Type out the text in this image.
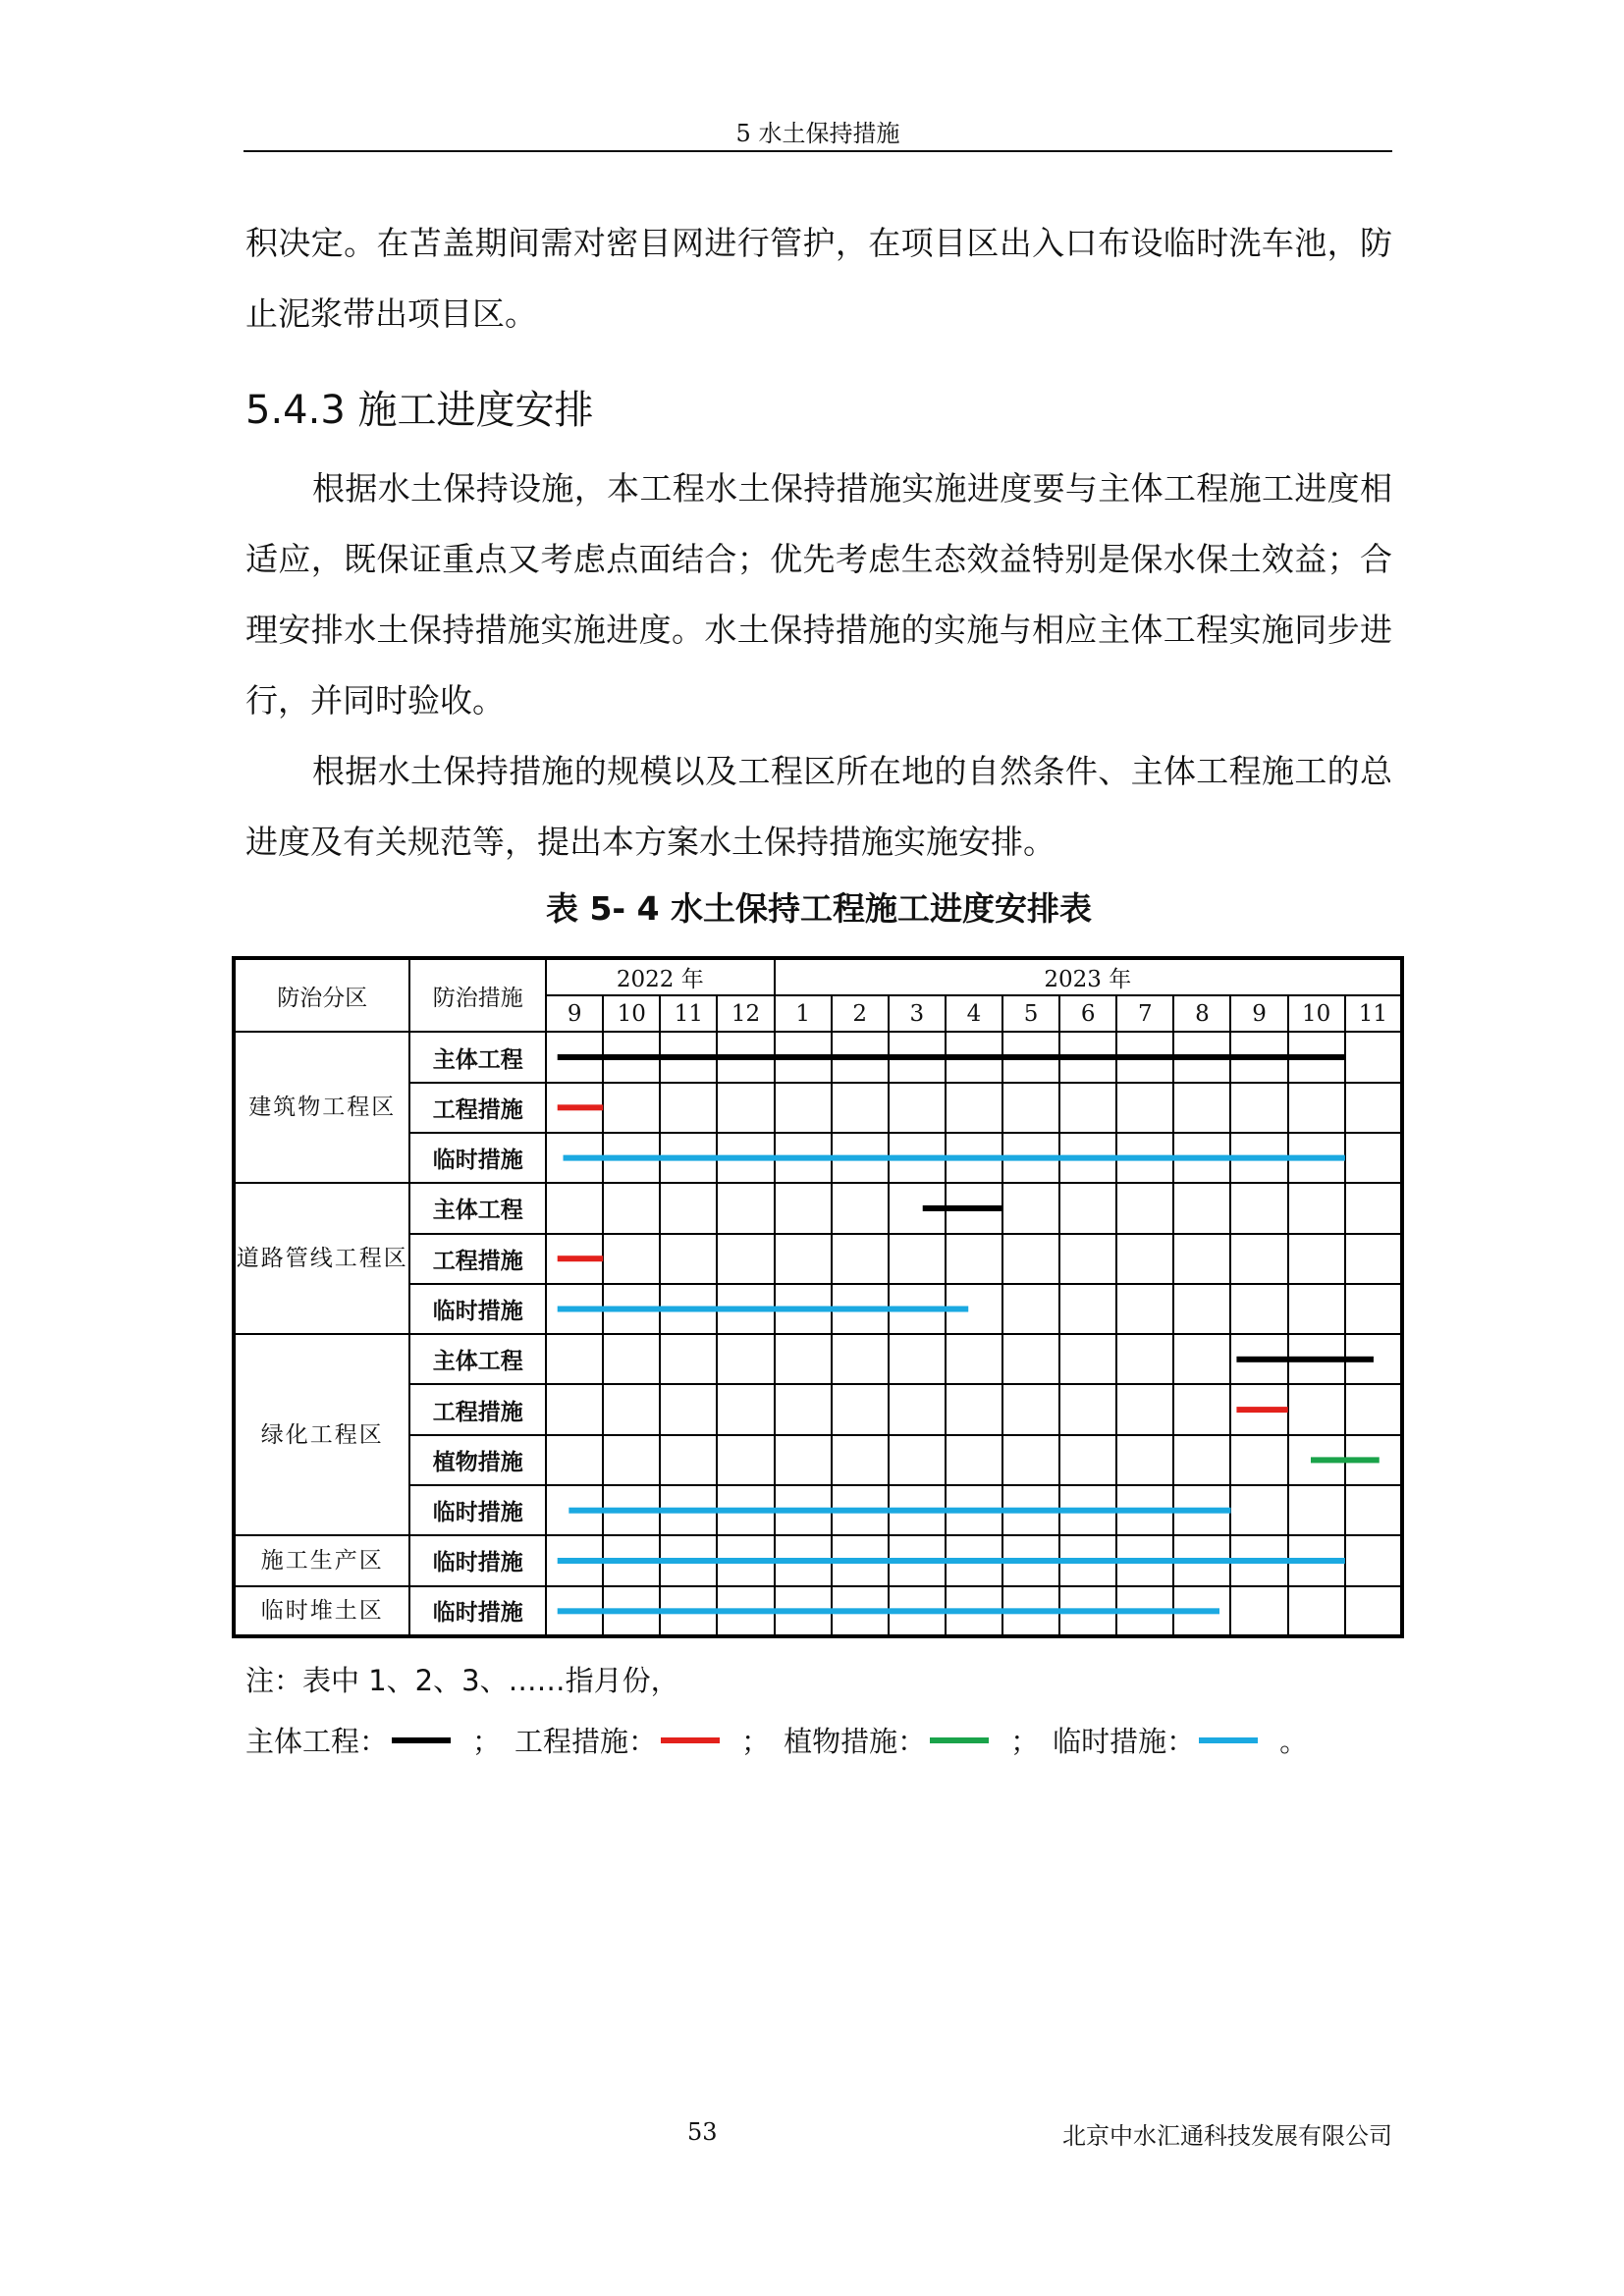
5 水土保持措施
积决定。在苫盖期间需对密目网进行管护，在项目区出入口布设临时洗车池，防止泥浆带出项目区。
5.4.3 施工进度安排
根据水土保持设施，本工程水土保持措施实施进度要与主体工程施工进度相适应，既保证重点又考虑点面结合；优先考虑生态效益特别是保水保土效益；合理安排水土保持措施实施进度。水土保持措施的实施与相应主体工程实施同步进行，并同时验收。
根据水土保持措施的规模以及工程区所在地的自然条件、主体工程施工的总进度及有关规范等，提出本方案水土保持措施实施安排。
表 5- 4 水土保持工程施工进度安排表
防治分区	防治措施	2022 年				2023 年										
		9	10	11	12	1	2	3	4	5	6	7	8	9	10	11
建筑物工程区	主体工程															
	工程措施															
	临时措施															
道路管线工程区	主体工程															
	工程措施															
	临时措施															
绿化工程区	主体工程															
	工程措施															
	植物措施															
	临时措施															
施工生产区	临时措施															
临时堆土区	临时措施															
注：表中 1、2、3、……指月份，
主体工程：	； 工程措施：	； 植物措施：	； 临时措施：	。
53	北京中水汇通科技发展有限公司
